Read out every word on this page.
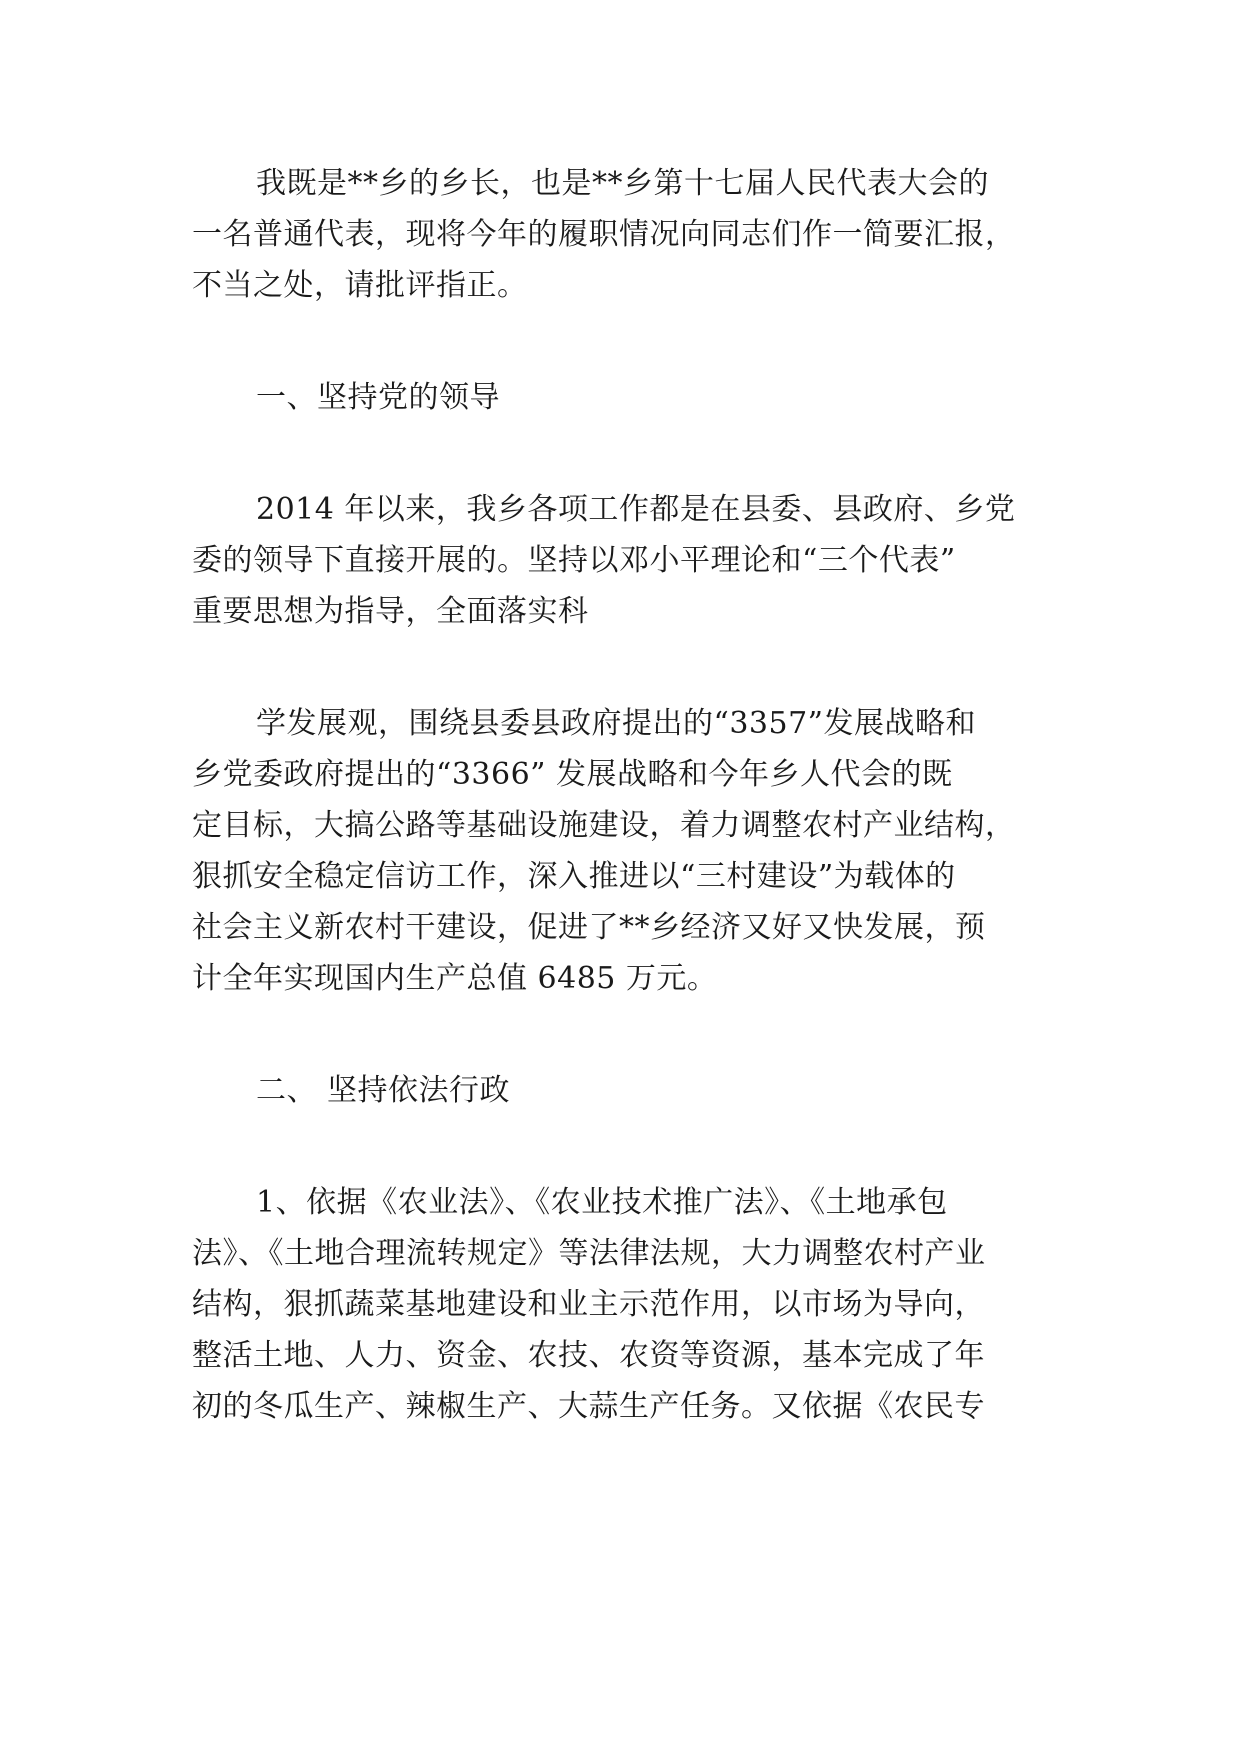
我既是**乡的乡长，也是**乡第十七届人民代表大会的
一名普通代表，现将今年的履职情况向同志们作一简要汇报，
不当之处，请批评指正。
一、坚持党的领导
2014 年以来，我乡各项工作都是在县委、县政府、乡党
委的领导下直接开展的。坚持以邓小平理论和“三个代表”
重要思想为指导，全面落实科
学发展观，围绕县委县政府提出的“3357”发展战略和
乡党委政府提出的“3366” 发展战略和今年乡人代会的既
定目标，大搞公路等基础设施建设，着力调整农村产业结构，
狠抓安全稳定信访工作，深入推进以“三村建设”为载体的
社会主义新农村干建设，促进了**乡经济又好又快发展，预
计全年实现国内生产总值 6485 万元。
二、 坚持依法行政
1、依据《农业法》、《农业技术推广法》、《土地承包
法》、《土地合理流转规定》等法律法规，大力调整农村产业
结构，狠抓蔬菜基地建设和业主示范作用，以市场为导向，
整活土地、人力、资金、农技、农资等资源，基本完成了年
初的冬瓜生产、辣椒生产、大蒜生产任务。又依据《农民专
